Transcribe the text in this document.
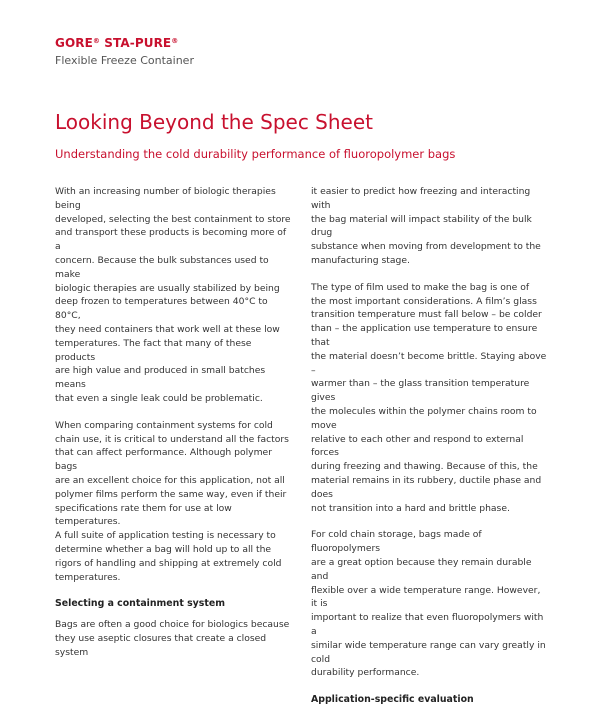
GORE® STA-PURE®

Flexible Freeze Container

Looking Beyond the Spec Sheet

Understanding the cold durability performance of fluoropolymer bags

With an increasing number of biologic therapies being
developed, selecting the best containment to store
and transport these products is becoming more of a
concern. Because the bulk substances used to make
biologic therapies are usually stabilized by being
deep frozen to temperatures between 40°C to 80°C,
they need containers that work well at these low
temperatures. The fact that many of these products
are high value and produced in small batches means
that even a single leak could be problematic.

When comparing containment systems for cold
chain use, it is critical to understand all the factors
that can affect performance. Although polymer bags
are an excellent choice for this application, not all
polymer films perform the same way, even if their
specifications rate them for use at low temperatures.
A full suite of application testing is necessary to
determine whether a bag will hold up to all the
rigors of handling and shipping at extremely cold
temperatures.

Selecting a containment system

Bags are often a good choice for biologics because
they use aseptic closures that create a closed system

it easier to predict how freezing and interacting with
the bag material will impact stability of the bulk drug
substance when moving from development to the
manufacturing stage.

The type of film used to make the bag is one of
the most important considerations. A film’s glass
transition temperature must fall below – be colder
than – the application use temperature to ensure that
the material doesn’t become brittle. Staying above –
warmer than – the glass transition temperature gives
the molecules within the polymer chains room to move
relative to each other and respond to external forces
during freezing and thawing. Because of this, the
material remains in its rubbery, ductile phase and does
not transition into a hard and brittle phase.

For cold chain storage, bags made of fluoropolymers
are a great option because they remain durable and
flexible over a wide temperature range. However, it is
important to realize that even fluoropolymers with a
similar wide temperature range can vary greatly in cold
durability performance.

Application-specific evaluation
